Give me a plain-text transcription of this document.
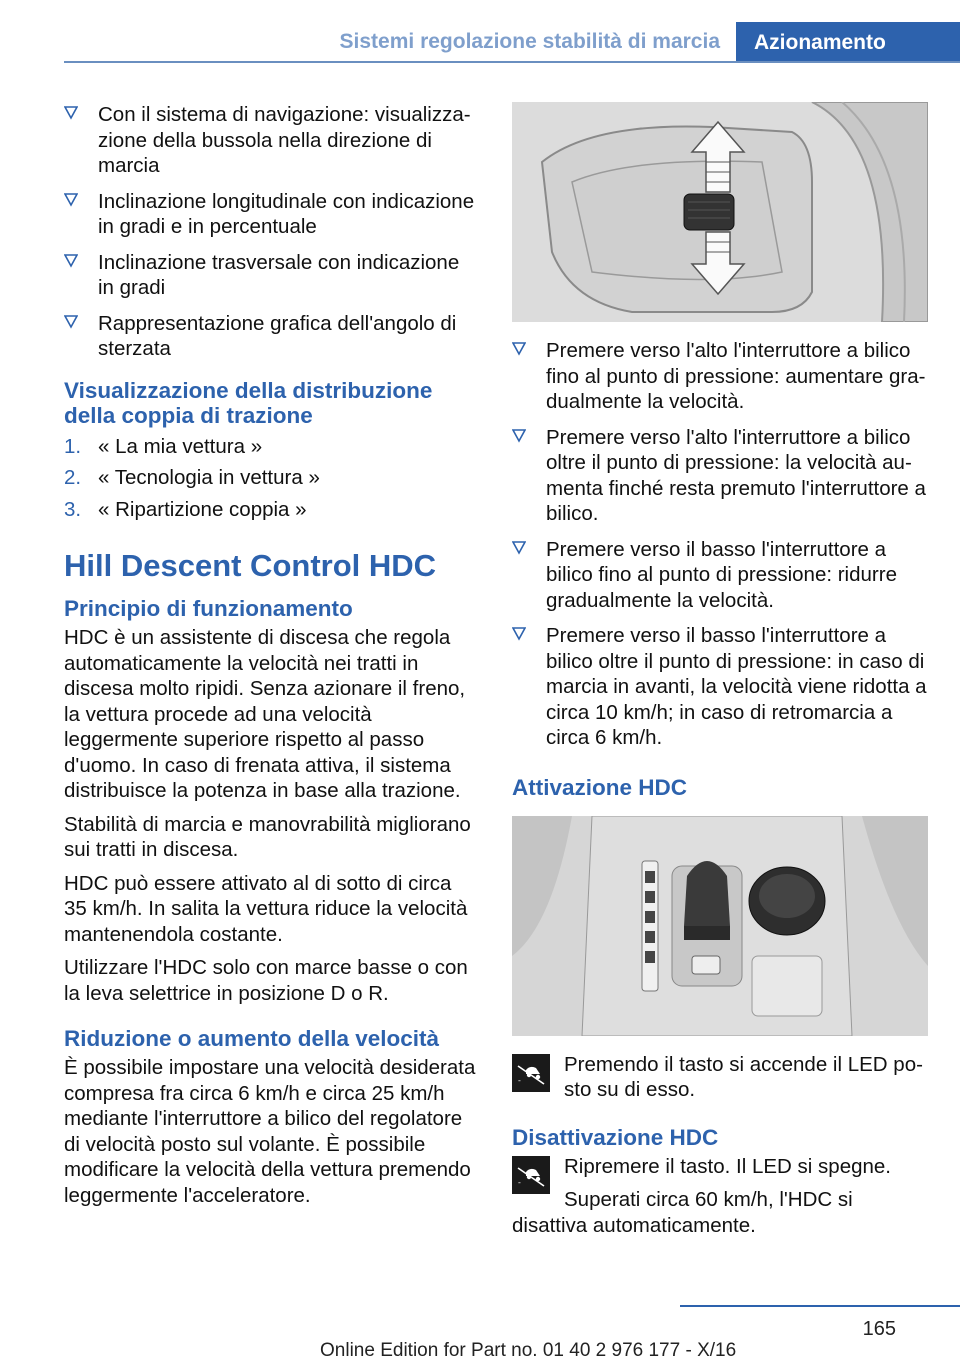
Sistemi regolazione stabilità di marcia	Azionamento
Con il sistema di navigazione: visualizzazione della bussola nella direzione di marcia
Inclinazione longitudinale con indicazione in gradi e in percentuale
Inclinazione trasversale con indicazione in gradi
Rappresentazione grafica dell'angolo di sterzata
Visualizzazione della distribuzione della coppia di trazione
1. « La mia vettura »
2. « Tecnologia in vettura »
3. « Ripartizione coppia »
Hill Descent Control HDC
Principio di funzionamento

HDC è un assistente di discesa che regola automaticamente la velocità nei tratti in discesa molto ripidi. Senza azionare il freno, la vettura procede ad una velocità leggermente superiore rispetto al passo d'uomo. In caso di frenata attiva, il sistema distribuisce la potenza in base alla trazione.

Stabilità di marcia e manovrabilità migliorano sui tratti in discesa.

HDC può essere attivato al di sotto di circa 35 km/h. In salita la vettura riduce la velocità mantenendola costante.

Utilizzare l'HDC solo con marce basse o con la leva selettrice in posizione D o R.

Riduzione o aumento della velocità

È possibile impostare una velocità desiderata compresa fra circa 6 km/h e circa 25 km/h mediante l'interruttore a bilico del regolatore di velocità posto sul volante. È possibile modificare la velocità della vettura premendo leggermente l'acceleratore.

Premere verso l'alto l'interruttore a bilico fino al punto di pressione: aumentare gradualmente la velocità.
Premere verso l'alto l'interruttore a bilico oltre il punto di pressione: la velocità aumenta finché resta premuto l'interruttore a bilico.
Premere verso il basso l'interruttore a bilico fino al punto di pressione: ridurre gradualmente la velocità.
Premere verso il basso l'interruttore a bilico oltre il punto di pressione: in caso di marcia in avanti, la velocità viene ridotta a circa 10 km/h; in caso di retromarcia a circa 6 km/h.
Attivazione HDC
-
Premendo il tasto si accende il LED posto su di esso.
Disattivazione HDC
-
Ripremere il tasto. Il LED si spegne.

Superati circa 60 km/h, l'HDC si disattiva automaticamente.

165
Online Edition for Part no. 01 40 2 976 177 - X/16
